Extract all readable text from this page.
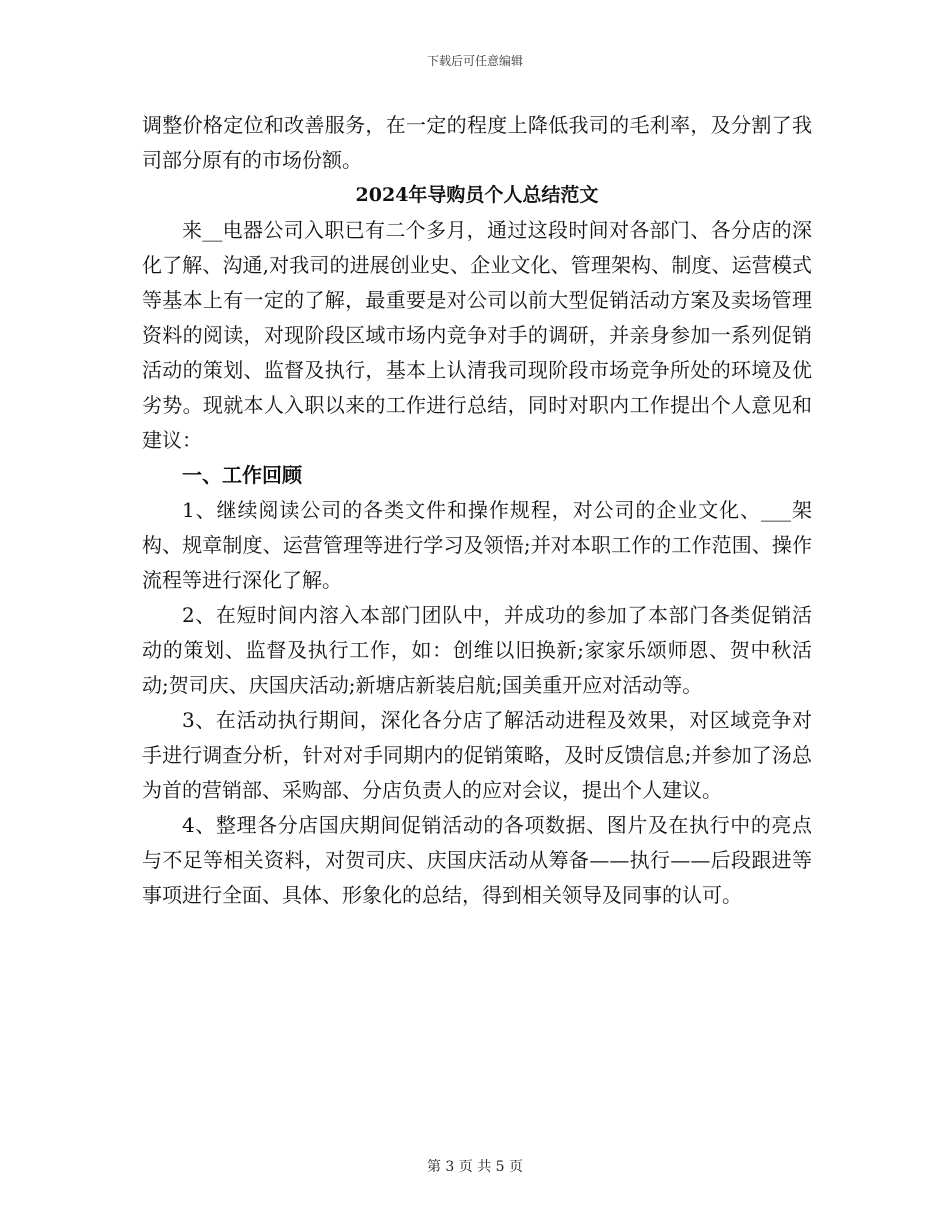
下载后可任意编辑

调整价格定位和改善服务，在一定的程度上降低我司的毛利率，及分割了我司部分原有的市场份额。

2024年导购员个人总结范文

来__电器公司入职已有二个多月，通过这段时间对各部门、各分店的深化了解、沟通,对我司的进展创业史、企业文化、管理架构、制度、运营模式等基本上有一定的了解，最重要是对公司以前大型促销活动方案及卖场管理资料的阅读，对现阶段区域市场内竞争对手的调研，并亲身参加一系列促销活动的策划、监督及执行，基本上认清我司现阶段市场竞争所处的环境及优劣势。现就本人入职以来的工作进行总结，同时对职内工作提出个人意见和建议：

一、工作回顾

1、继续阅读公司的各类文件和操作规程，对公司的企业文化、___架构、规章制度、运营管理等进行学习及领悟;并对本职工作的工作范围、操作流程等进行深化了解。

2、在短时间内溶入本部门团队中，并成功的参加了本部门各类促销活动的策划、监督及执行工作，如：创维以旧换新;家家乐颂师恩、贺中秋活动;贺司庆、庆国庆活动;新塘店新装启航;国美重开应对活动等。

3、在活动执行期间，深化各分店了解活动进程及效果，对区域竞争对手进行调查分析，针对对手同期内的促销策略，及时反馈信息;并参加了汤总为首的营销部、采购部、分店负责人的应对会议，提出个人建议。

4、整理各分店国庆期间促销活动的各项数据、图片及在执行中的亮点与不足等相关资料，对贺司庆、庆国庆活动从筹备——执行——后段跟进等事项进行全面、具体、形象化的总结，得到相关领导及同事的认可。

第 3 页 共 5 页
